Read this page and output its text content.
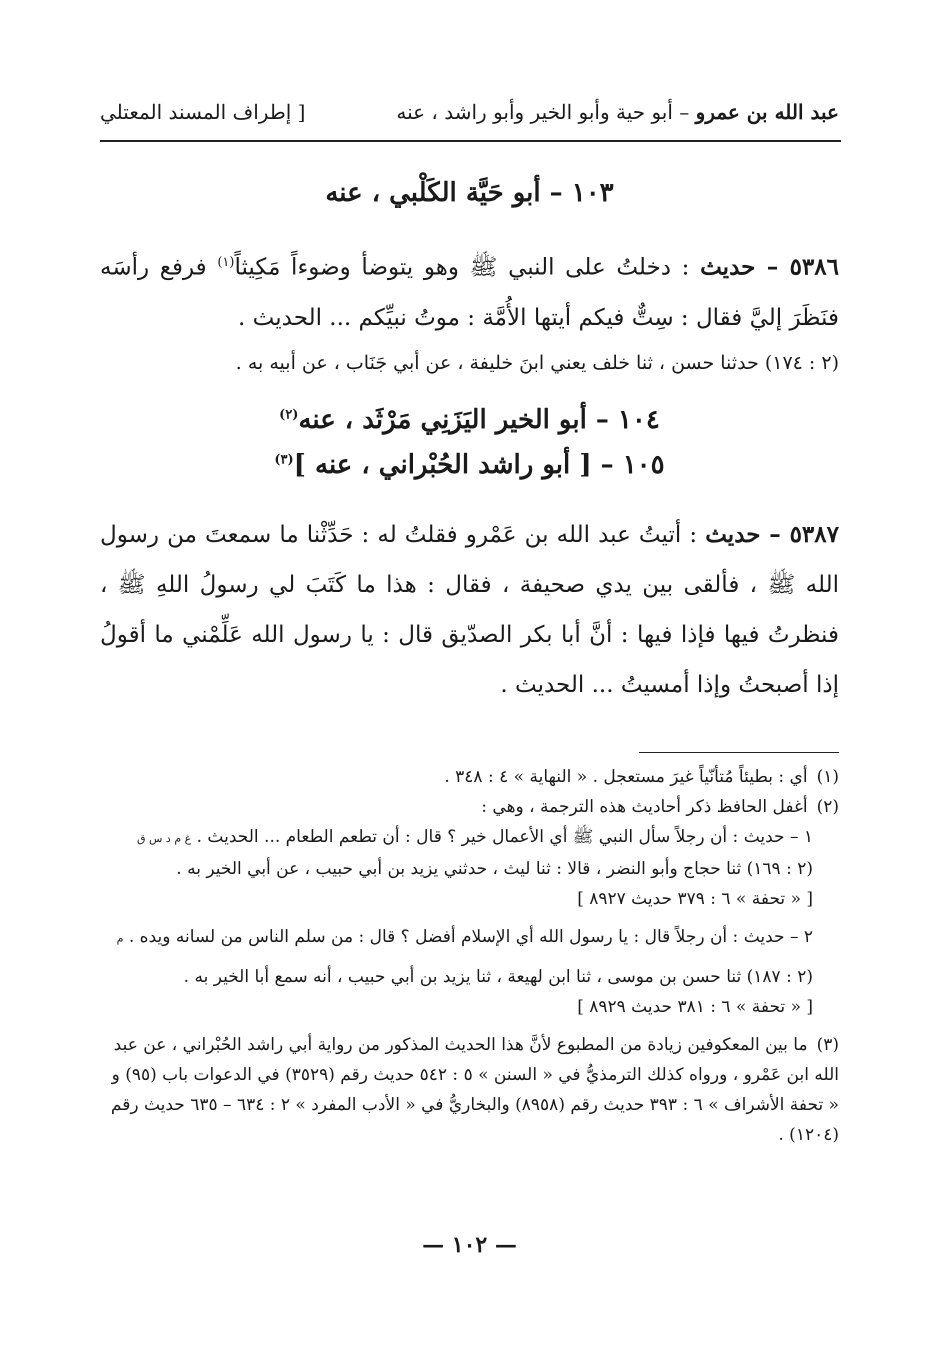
عبد الله بن عمرو – أبو حية وأبو الخير وأبو راشد ، عنه
[ إطراف المسند المعتلي
١٠٣ – أبو حَيَّة الكَلْبي ، عنه
٥٣٨٦ – حديث : دخلتُ على النبي ﷺ وهو يتوضأ وضوءاً مَكِيثاً$^{(١)}$ فرفع رأسَه فنَظَرَ إليَّ فقال : سِتٌّ فيكم أيتها الأُمَّة : موتُ نبيِّكم ... الحديث .
(٢ : ١٧٤) حدثنا حسن ، ثنا خلف يعني ابنَ خليفة ، عن أبي جَنَاب ، عن أبيه به .
١٠٤ – أبو الخير اليَزَنِي مَرْثَد ، عنه$^{(٢)}$
١٠٥ – [ أبو راشد الحُبْراني ، عنه ]$^{(٣)}$
٥٣٨٧ – حديث : أتيتُ عبد الله بن عَمْرو فقلتُ له : حَدِّثْنا ما سمعتَ من رسول الله ﷺ ، فألقى بين يدي صحيفة ، فقال : هذا ما كَتَبَ لي رسولُ اللهِ ﷺ ، فنظرتُ فيها فإذا فيها : أنَّ أبا بكر الصدّيق قال : يا رسول الله عَلِّمْني ما أقولُ إذا أصبحتُ وإذا أمسيتُ ... الحديث .

(١) أي : بطيئاً مُتأنّياً غيرَ مستعجل . « النهاية » ٤ : ٣٤٨ .

(٢) أغفل الحافظ ذكر أحاديث هذه الترجمة ، وهي :

١ – حديث : أن رجلاً سأل النبي ﷺ أي الأعمال خير ؟ قال : أن تطعم الطعام ... الحديث . غ م د س ق

(٢ : ١٦٩) ثنا حجاج وأبو النضر ، قالا : ثنا ليث ، حدثني يزيد بن أبي حبيب ، عن أبي الخير به .

[ « تحفة » ٦ : ٣٧٩ حديث ٨٩٢٧ ]

٢ – حديث : أن رجلاً قال : يا رسول الله أي الإسلام أفضل ؟ قال : من سلم الناس من لسانه ويده . م

(٢ : ١٨٧) ثنا حسن بن موسى ، ثنا ابن لهيعة ، ثنا يزيد بن أبي حبيب ، أنه سمع أبا الخير به .

[ « تحفة » ٦ : ٣٨١ حديث ٨٩٢٩ ]

(٣) ما بين المعكوفين زيادة من المطبوع لأنَّ هذا الحديث المذكور من رواية أبي راشد الحُبْراني ، عن عبد الله ابن عَمْرو ، ورواه كذلك الترمذيُّ في « السنن » ٥ : ٥٤٢ حديث رقم (٣٥٢٩) في الدعوات باب (٩٥) و « تحفة الأشراف » ٦ : ٣٩٣ حديث رقم (٨٩٥٨) والبخاريُّ في « الأدب المفرد » ٢ : ٦٣٤ – ٦٣٥ حديث رقم (١٢٠٤) .

— ١٠٢ —
